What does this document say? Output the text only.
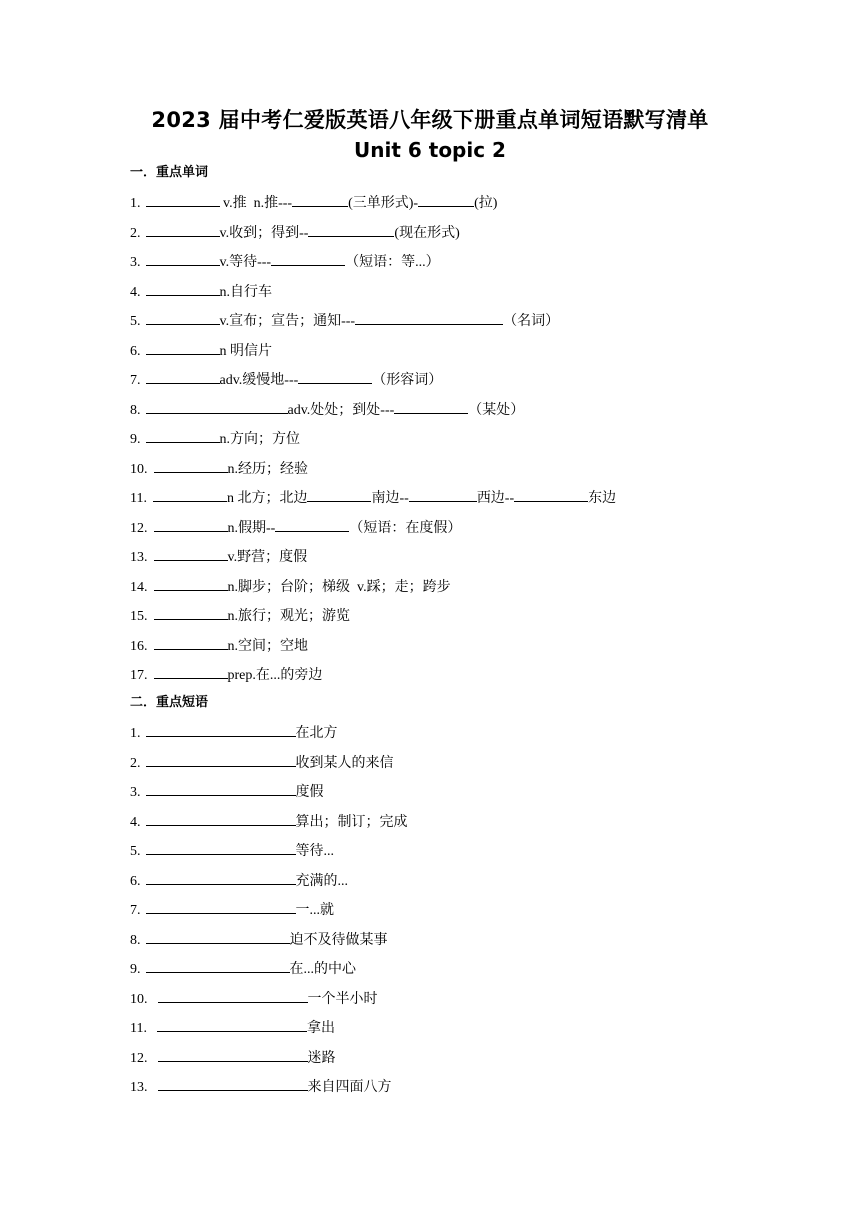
2023 届中考仁爱版英语八年级下册重点单词短语默写清单
Unit 6 topic 2
一．重点单词
1.	v.推  n.推---	(三单形式)-	(拉)
2.	v.收到；得到--	(现在形式)
3.	v.等待---	（短语：等...）
4.	n.自行车
5.	v.宣布；宣告；通知---	（名词）
6.	n 明信片
7.	adv.缓慢地---	（形容词）
8.	adv.处处；到处---	（某处）
9.	n.方向；方位
10.	n.经历；经验
11.	n 北方；北边	南边--	西边--	东边
12.	n.假期--	（短语：在度假）
13.	v.野营；度假
14.	n.脚步；台阶；梯级  v.踩；走；跨步
15.	n.旅行；观光；游览
16.	n.空间；空地
17.	prep.在...的旁边
二．重点短语
1.	在北方
2.	收到某人的来信
3.	度假
4.	算出；制订；完成
5.	等待...
6.	充满的...
7.	一...就
8.	迫不及待做某事
9.	在...的中心
10.	一个半小时
11.	拿出
12.	迷路
13.	来自四面八方
